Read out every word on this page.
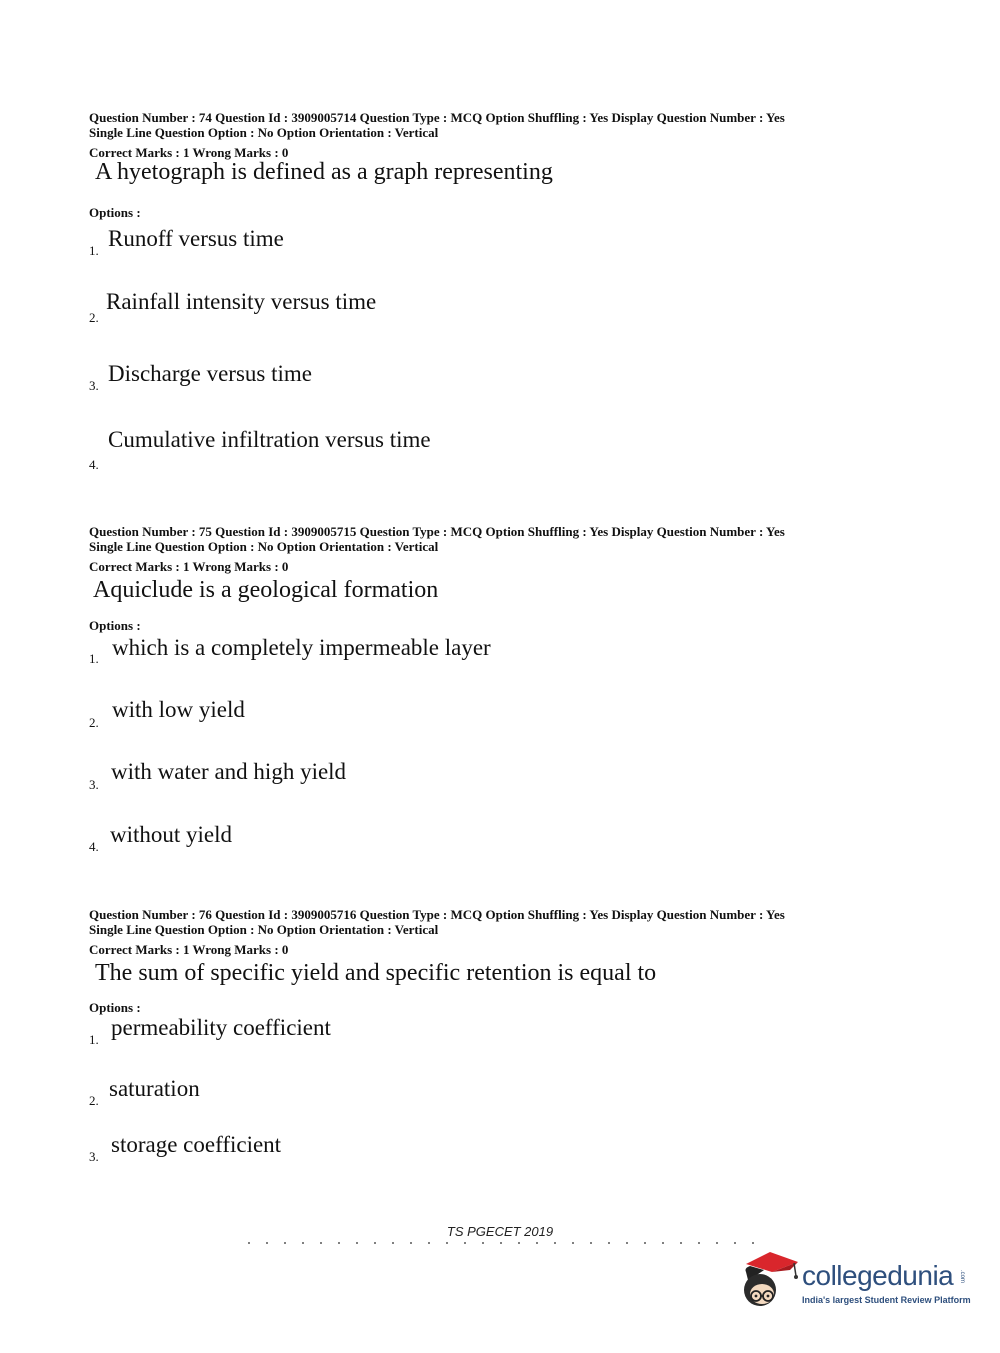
Question Number : 74 Question Id : 3909005714 Question Type : MCQ Option Shuffling : Yes Display Question Number : Yes
Single Line Question Option : No Option Orientation : Vertical
Correct Marks : 1 Wrong Marks : 0
A hyetograph is defined as a graph representing
Options :
1. Runoff versus time
2.
Rainfall intensity versus time
3. Discharge versus time
4.
Cumulative infiltration versus time
Question Number : 75 Question Id : 3909005715 Question Type : MCQ Option Shuffling : Yes Display Question Number : Yes
Single Line Question Option : No Option Orientation : Vertical
Correct Marks : 1 Wrong Marks : 0
Aquiclude is a geological formation
Options :
1. which is a completely impermeable layer
2.
with low yield
3.
with water and high yield
4. without yield
Question Number : 76 Question Id : 3909005716 Question Type : MCQ Option Shuffling : Yes Display Question Number : Yes
Single Line Question Option : No Option Orientation : Vertical
Correct Marks : 1 Wrong Marks : 0
The sum of specific yield and specific retention is equal to
Options :
1. permeability coefficient
2. saturation
3. storage coefficient
TS PGECET 2019
collegedunia .com
India's largest Student Review Platform
